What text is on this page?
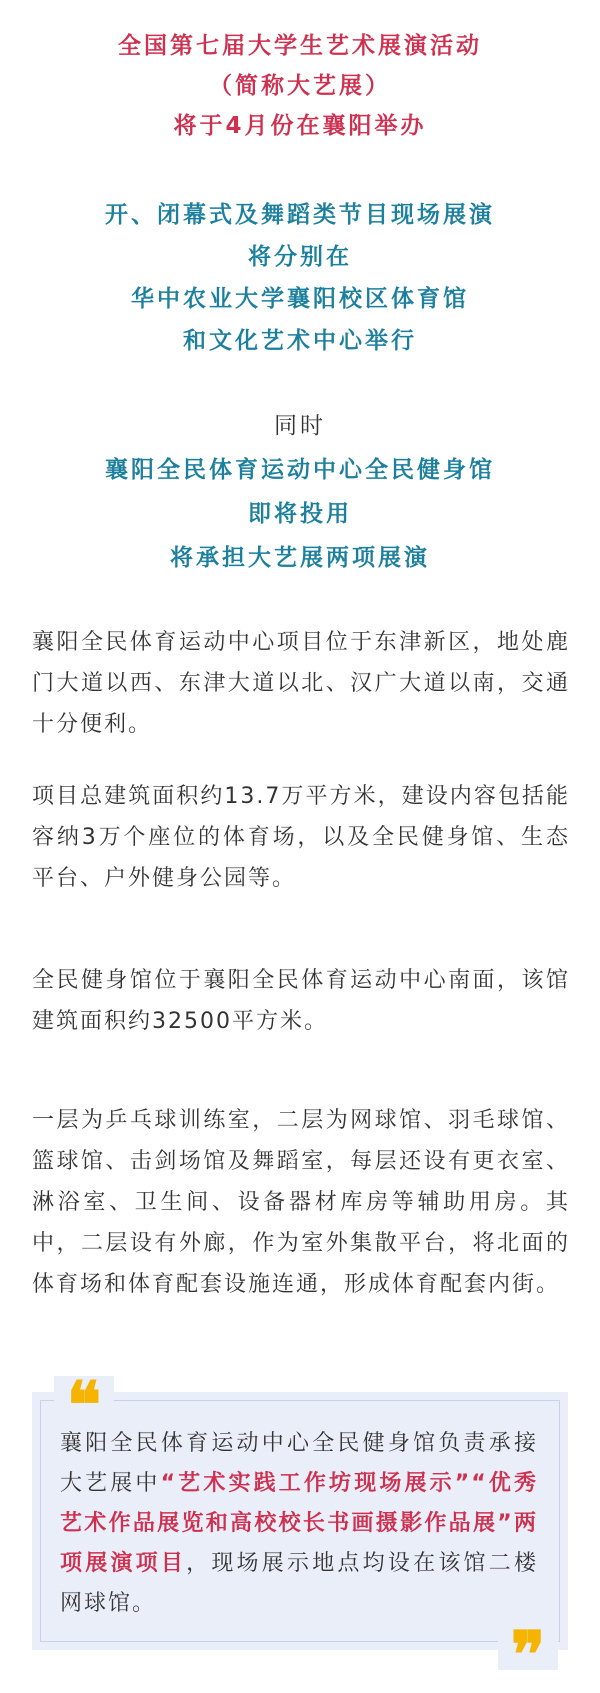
全国第七届大学生艺术展演活动
（简称大艺展）
将于4月份在襄阳举办
开、闭幕式及舞蹈类节目现场展演
将分别在
华中农业大学襄阳校区体育馆
和文化艺术中心举行
同时
襄阳全民体育运动中心全民健身馆
即将投用
将承担大艺展两项展演

襄阳全民体育运动中心项目位于东津新区，地处鹿门大道以西、东津大道以北、汉广大道以南，交通十分便利。

项目总建筑面积约13.7万平方米，建设内容包括能容纳3万个座位的体育场，以及全民健身馆、生态平台、户外健身公园等。

全民健身馆位于襄阳全民体育运动中心南面，该馆建筑面积约32500平方米。

一层为乒乓球训练室，二层为网球馆、羽毛球馆、篮球馆、击剑场馆及舞蹈室，每层还设有更衣室、淋浴室、卫生间、设备器材库房等辅助用房。其中，二层设有外廊，作为室外集散平台，将北面的体育场和体育配套设施连通，形成体育配套内街。

❝
❞
襄阳全民体育运动中心全民健身馆负责承接大艺展中“艺术实践工作坊现场展示”“优秀艺术作品展览和高校校长书画摄影作品展”两项展演项目，现场展示地点均设在该馆二楼网球馆。
